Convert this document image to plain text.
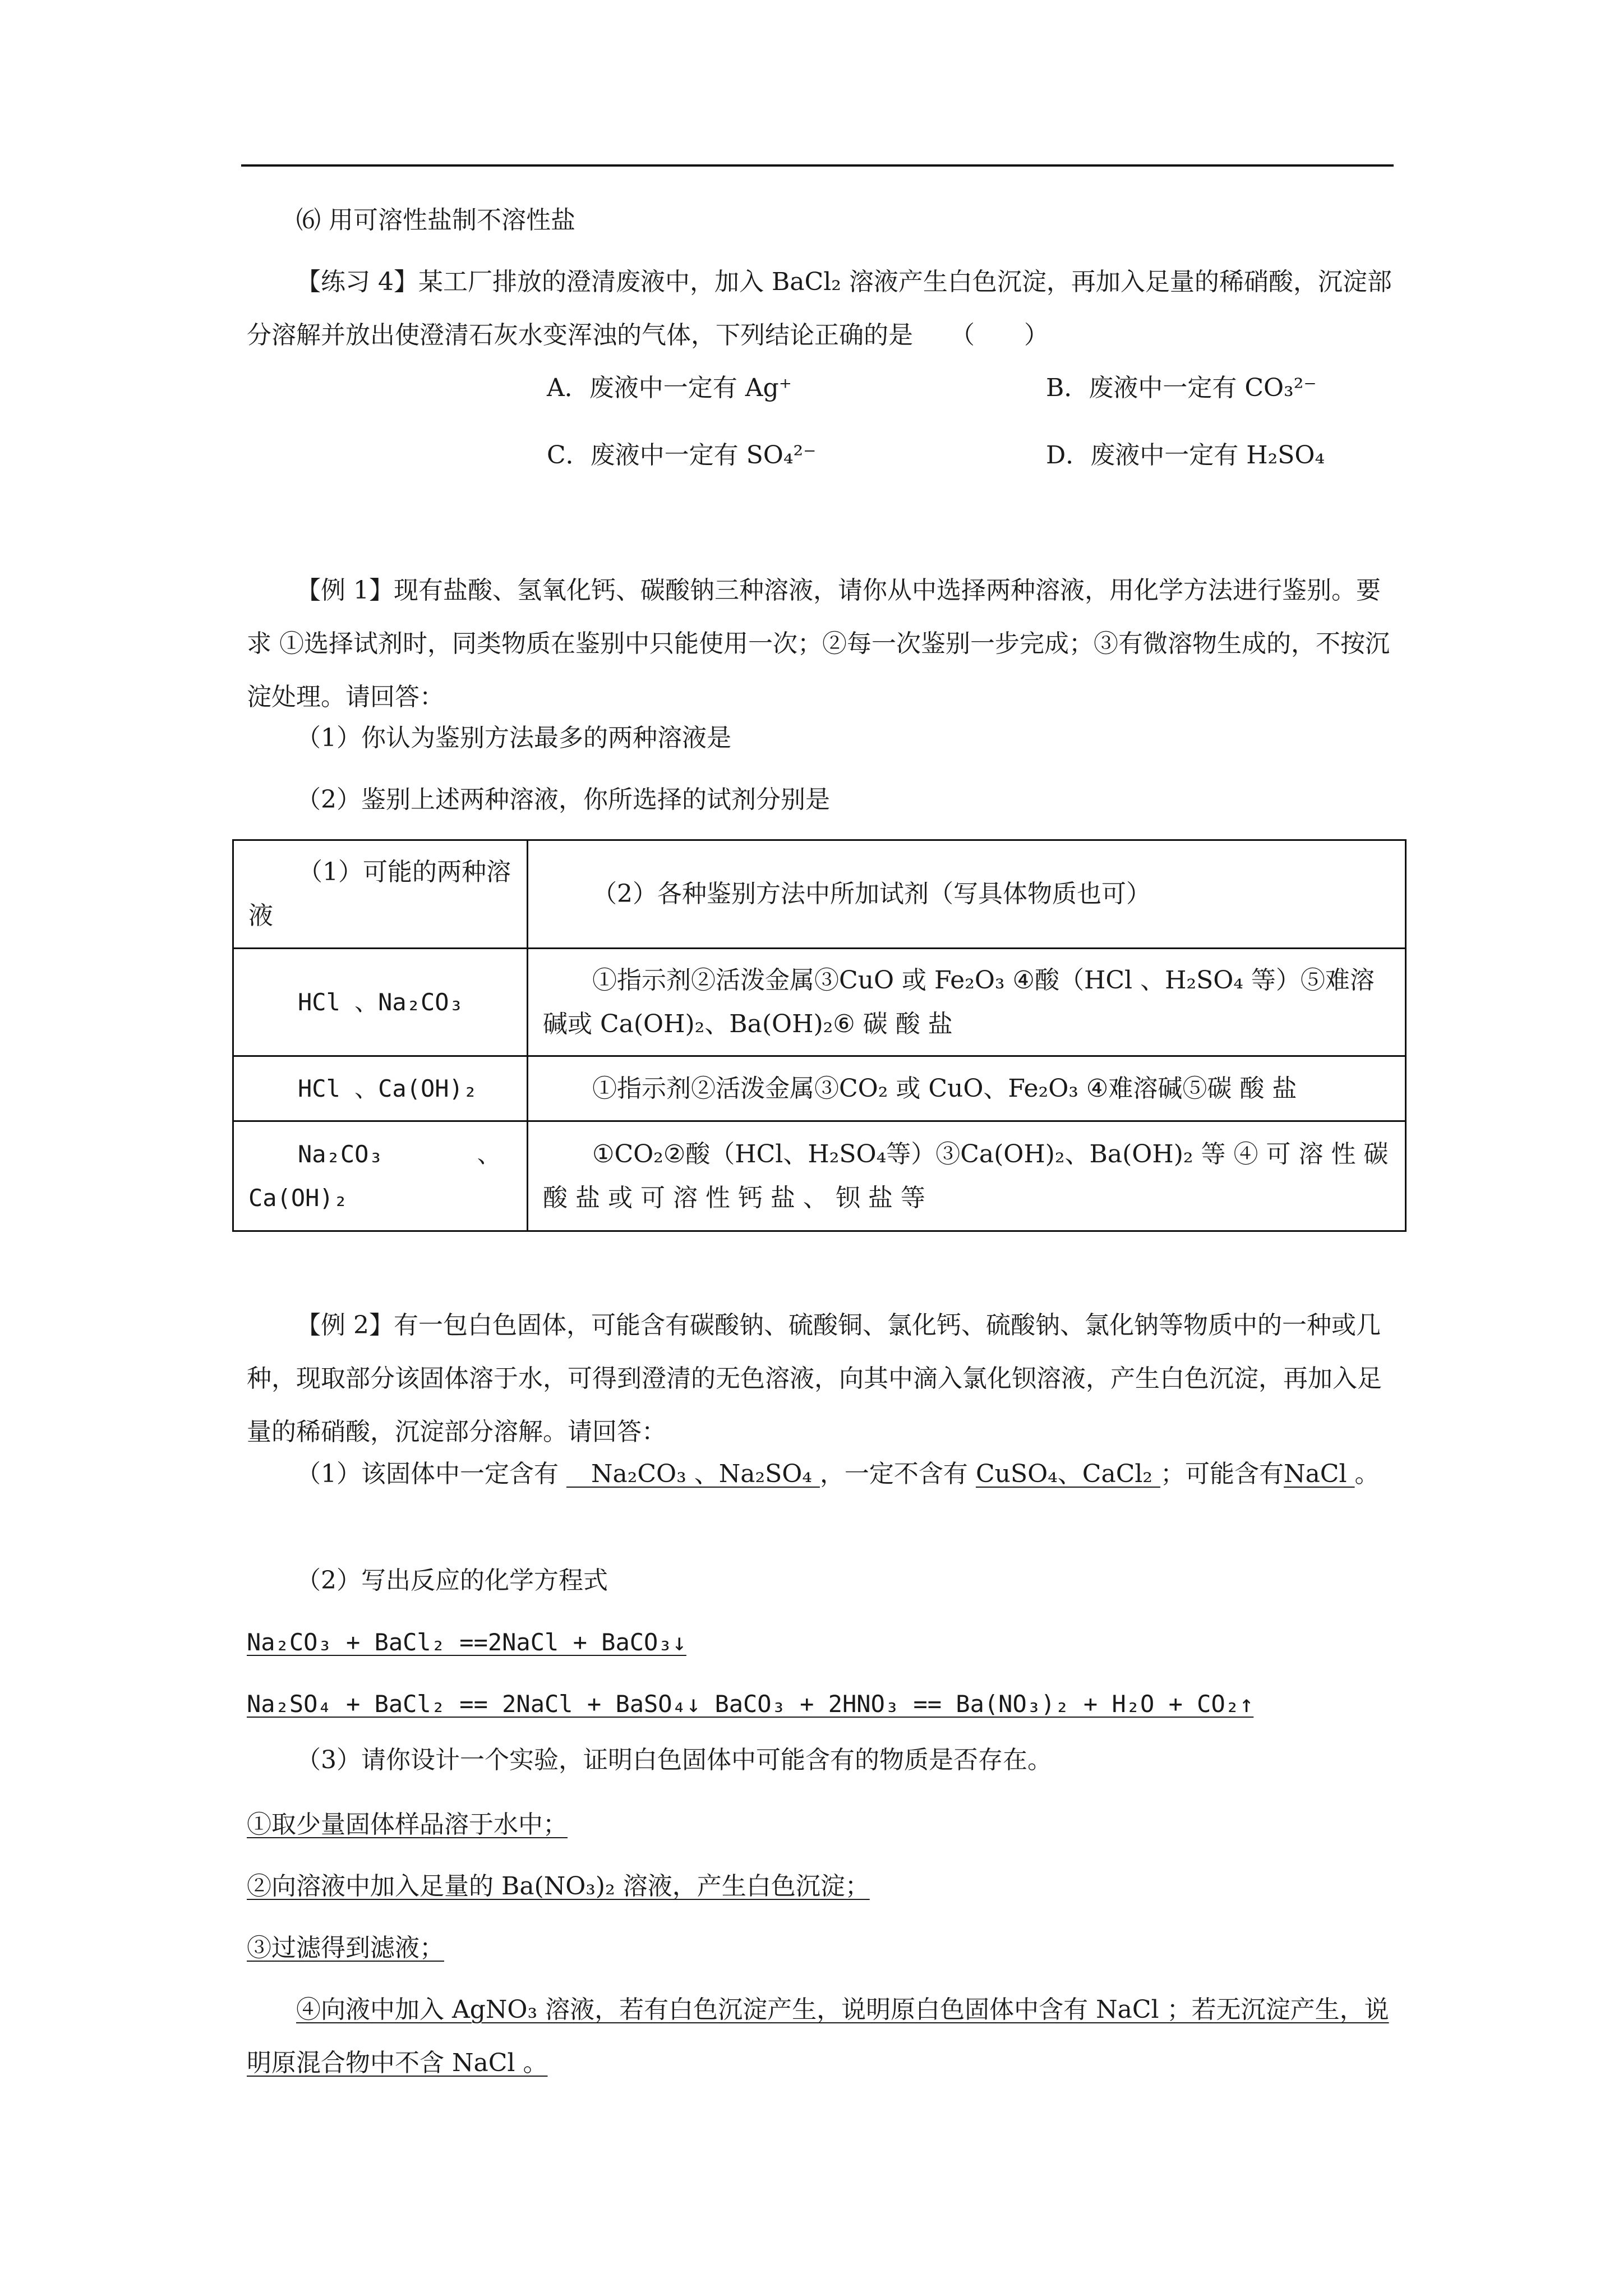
⑹ 用可溶性盐制不溶性盐
【练习 4】某工厂排放的澄清废液中，加入 BaCl₂ 溶液产生白色沉淀，再加入足量的稀硝酸，沉淀部分溶解并放出使澄清石灰水变浑浊的气体，下列结论正确的是　　（　　）
A．废液中一定有 Ag⁺	B．废液中一定有 CO₃²⁻
C．废液中一定有 SO₄²⁻	D．废液中一定有 H₂SO₄
【例 1】现有盐酸、氢氧化钙、碳酸钠三种溶液，请你从中选择两种溶液，用化学方法进行鉴别。要求 ①选择试剂时，同类物质在鉴别中只能使用一次；②每一次鉴别一步完成；③有微溶物生成的，不按沉淀处理。请回答：
（1）你认为鉴别方法最多的两种溶液是
（2）鉴别上述两种溶液，你所选择的试剂分别是
（1）可能的两种溶液	（2）各种鉴别方法中所加试剂（写具体物质也可）
HCl 、Na₂CO₃	①指示剂②活泼金属③CuO 或 Fe₂O₃ ④酸（HCl 、H₂SO₄ 等）⑤难溶碱或 Ca(OH)₂、Ba(OH)₂⑥ 碳 酸 盐
HCl 、Ca(OH)₂	①指示剂②活泼金属③CO₂ 或 CuO、Fe₂O₃ ④难溶碱⑤碳 酸 盐
Na₂CO₃　　　　、Ca(OH)₂	①CO₂②酸（HCl、H₂SO₄等）③Ca(OH)₂、Ba(OH)₂ 等 ④ 可 溶 性 碳 酸 盐 或 可 溶 性 钙 盐 、 钡 盐 等
【例 2】有一包白色固体，可能含有碳酸钠、硫酸铜、氯化钙、硫酸钠、氯化钠等物质中的一种或几种，现取部分该固体溶于水，可得到澄清的无色溶液，向其中滴入氯化钡溶液，产生白色沉淀，再加入足量的稀硝酸，沉淀部分溶解。请回答：
（1）该固体中一定含有 　Na₂CO₃ 、Na₂SO₄ ，一定不含有 CuSO₄、CaCl₂ ；可能含有NaCl 。
（2）写出反应的化学方程式
Na₂CO₃ + BaCl₂ ==2NaCl + BaCO₃↓
Na₂SO₄ + BaCl₂ == 2NaCl + BaSO₄↓ BaCO₃ + 2HNO₃ == Ba(NO₃)₂ + H₂O + CO₂↑
（3）请你设计一个实验，证明白色固体中可能含有的物质是否存在。
①取少量固体样品溶于水中；
②向溶液中加入足量的 Ba(NO₃)₂ 溶液，产生白色沉淀；
③过滤得到滤液；
④向液中加入 AgNO₃ 溶液，若有白色沉淀产生，说明原白色固体中含有 NaCl ；若无沉淀产生，说明原混合物中不含 NaCl 。
